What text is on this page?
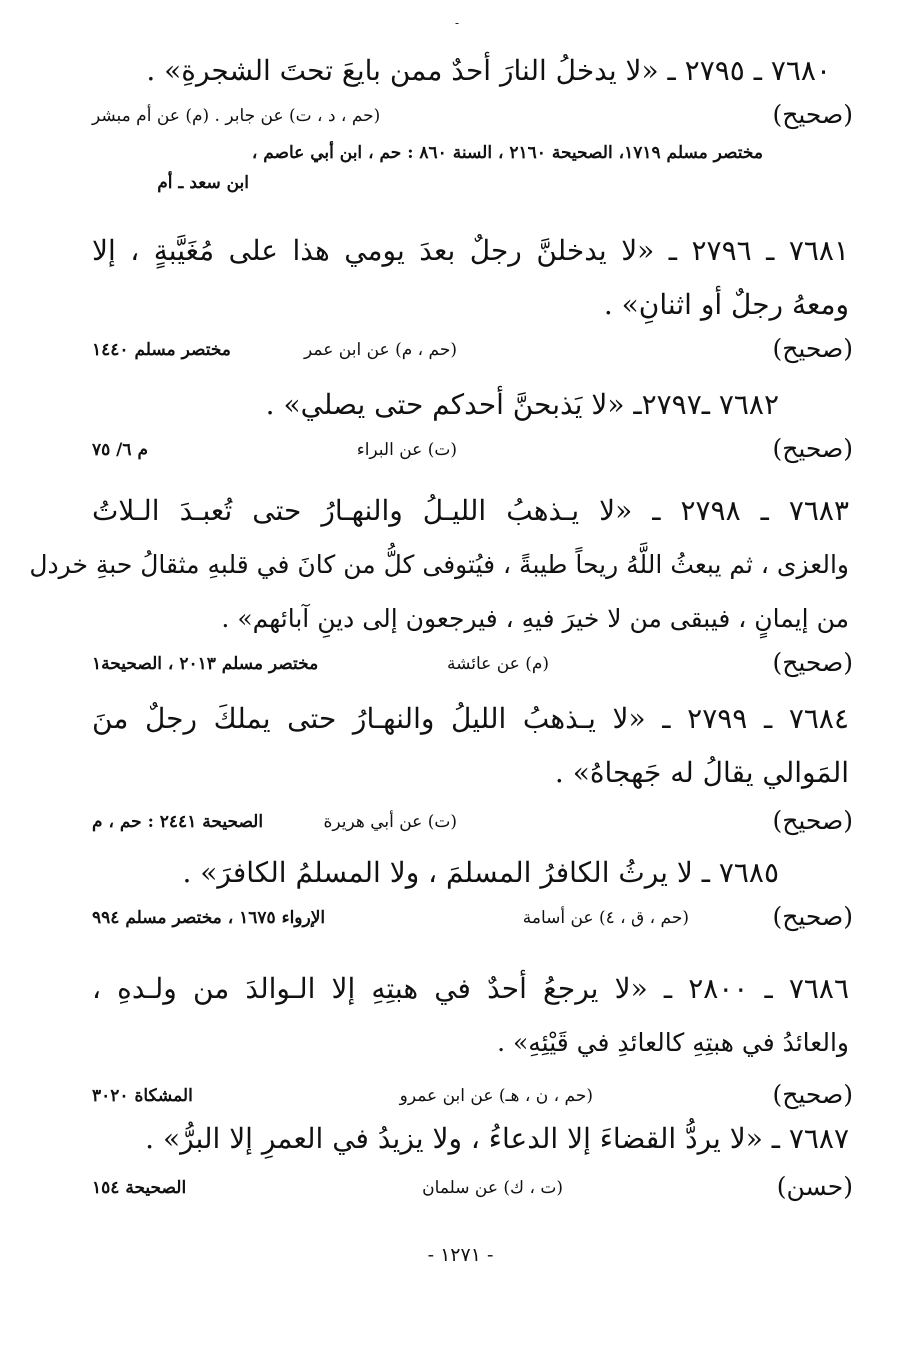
-
٧٦٨٠ ـ ٢٧٩٥ ـ «لا يدخلُ النارَ أحدٌ ممن بايعَ تحتَ الشجرةِ» .
(صحيح)
(حم ، د ، ت) عن جابر . (م) عن أم مبشر
مختصر مسلم ١٧١٩، الصحيحة ٢١٦٠ ، السنة ٨٦٠ : حم ، ابن أبي عاصم ،
ابن سعد ـ أم
٧٦٨١ ـ ٢٧٩٦ ـ «لا يدخلنَّ رجلٌ بعدَ يومي هذا على مُغَيَّبةٍ ، إلا
ومعهُ رجلٌ أو اثنانِ» .
(صحيح)
(حم ، م) عن ابن عمر
مختصر مسلم ١٤٤٠
٧٦٨٢ ـ٢٧٩٧ـ «لا يَذبحنَّ أحدكم حتى يصلي» .
(صحيح)
(ت) عن البراء
م ٦/ ٧٥
٧٦٨٣ ـ ٢٧٩٨ ـ «لا يـذهبُ الليـلُ والنهـارُ حتى تُعبـدَ الـلاتُ
والعزى ، ثم يبعثُ اللَّهُ ريحاً طيبةً ، فيُتوفى كلُّ من كانَ في قلبهِ مثقالُ حبةِ خردل
من إيمانٍ ، فيبقى من لا خيرَ فيهِ ، فيرجعون إلى دينِ آبائهم» .
(صحيح)
(م) عن عائشة
مختصر مسلم ٢٠١٣ ، الصحيحة١
٧٦٨٤ ـ ٢٧٩٩ ـ «لا يـذهبُ الليلُ والنهـارُ حتى يملكَ رجلٌ منَ
المَوالي يقالُ له جَهجاهُ» .
(صحيح)
(ت) عن أبي هريرة
الصحيحة ٢٤٤١ : حم ، م
٧٦٨٥ ـ لا يرثُ الكافرُ المسلمَ ، ولا المسلمُ الكافرَ» .
(صحيح)
(حم ، ق ، ٤) عن أسامة
الإرواء ١٦٧٥ ، مختصر مسلم ٩٩٤
٧٦٨٦ ـ ٢٨٠٠ ـ «لا يرجعُ أحدٌ في هبتِهِ إلا الـوالدَ من ولـدهِ ،
والعائدُ في هبتِهِ كالعائدِ في قَيْئِهِ» .
(صحيح)
(حم ، ن ، هـ) عن ابن عمرو
المشكاة ٣٠٢٠
٧٦٨٧ ـ «لا يردُّ القضاءَ إلا الدعاءُ ، ولا يزيدُ في العمرِ إلا البرُّ» .
(حسن)
(ت ، ك) عن سلمان
الصحيحة ١٥٤
- ١٢٧١ -
